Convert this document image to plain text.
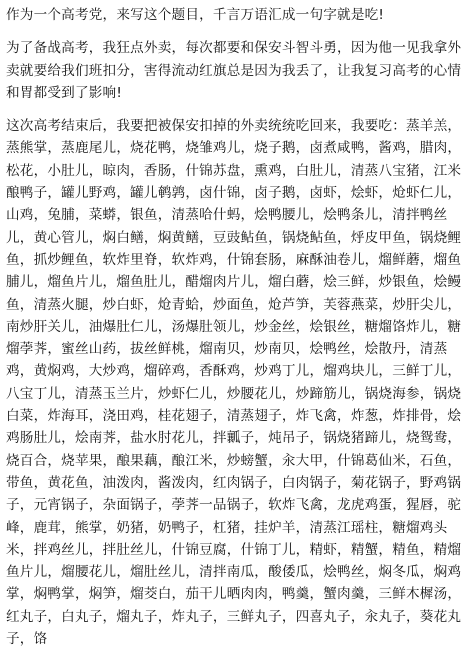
作为一个高考党，来写这个题目，千言万语汇成一句字就是吃!

为了备战高考，我狂点外卖，每次都要和保安斗智斗勇，因为他一见我拿外卖就要给我们班扣分，害得流动红旗总是因为我丢了，让我复习高考的心情和胃都受到了影响!

这次高考结束后，我要把被保安扣掉的外卖统统吃回来，我要吃：蒸羊羔，蒸熊掌，蒸鹿尾儿，烧花鸭，烧雏鸡儿，烧子鹅，卤煮咸鸭，酱鸡，腊肉，松花，小肚儿，晾肉，香肠，什锦苏盘，熏鸡，白肚儿，清蒸八宝猪，江米酿鸭子，罐儿野鸡，罐儿鹌鹑，卤什锦，卤子鹅，卤虾，烩虾，炝虾仁儿，山鸡，兔脯，菜蟒，银鱼，清蒸哈什蚂，烩鸭腰儿，烩鸭条儿，清拌鸭丝儿，黄心管儿，焖白鳝，焖黄鳝，豆豉鲇鱼，锅烧鲇鱼，烀皮甲鱼，锅烧鲤鱼，抓炒鲤鱼，软炸里脊，软炸鸡，什锦套肠，麻酥油卷儿，熘鲜蘑，熘鱼脯儿，熘鱼片儿，熘鱼肚儿，醋熘肉片儿，熘白蘑，烩三鲜，炒银鱼，烩鳗鱼，清蒸火腿，炒白虾，炝青蛤，炒面鱼，炝芦笋，芙蓉燕菜，炒肝尖儿，南炒肝关儿，油爆肚仁儿，汤爆肚领儿，炒金丝，烩银丝，糖熘饹炸儿，糖熘荸荠，蜜丝山药，拔丝鲜桃，熘南贝，炒南贝，烩鸭丝，烩散丹，清蒸鸡，黄焖鸡，大炒鸡，熘碎鸡，香酥鸡，炒鸡丁儿，熘鸡块儿，三鲜丁儿，八宝丁儿，清蒸玉兰片，炒虾仁儿，炒腰花儿，炒蹄筋儿，锅烧海参，锅烧白菜，炸海耳，浇田鸡，桂花翅子，清蒸翅子，炸飞禽，炸葱，炸排骨，烩鸡肠肚儿，烩南荠，盐水肘花儿，拌瓤子，炖吊子，锅烧猪蹄儿，烧鸳鸯，烧百合，烧苹果，酿果藕，酿江米，炒螃蟹，汆大甲，什锦葛仙米，石鱼，带鱼，黄花鱼，油泼肉，酱泼肉，红肉锅子，白肉锅子，菊花锅子，野鸡锅子，元宵锅子，杂面锅子，荸荠一品锅子，软炸飞禽，龙虎鸡蛋，猩唇，驼峰，鹿茸，熊掌，奶猪，奶鸭子，杠猪，挂炉羊，清蒸江瑶柱，糖熘鸡头米，拌鸡丝儿，拌肚丝儿，什锦豆腐，什锦丁儿，精虾，精蟹，精鱼，精熘鱼片儿，熘腰花儿，熘肚丝儿，清拌南瓜，酸倭瓜，烩鸭丝，焖冬瓜，焖鸡掌，焖鸭掌，焖笋，熘茭白，茄干儿晒肉肉，鸭羹，蟹肉羹，三鲜木樨汤，红丸子，白丸子，熘丸子，炸丸子，三鲜丸子，四喜丸子，汆丸子，葵花丸子，饹
